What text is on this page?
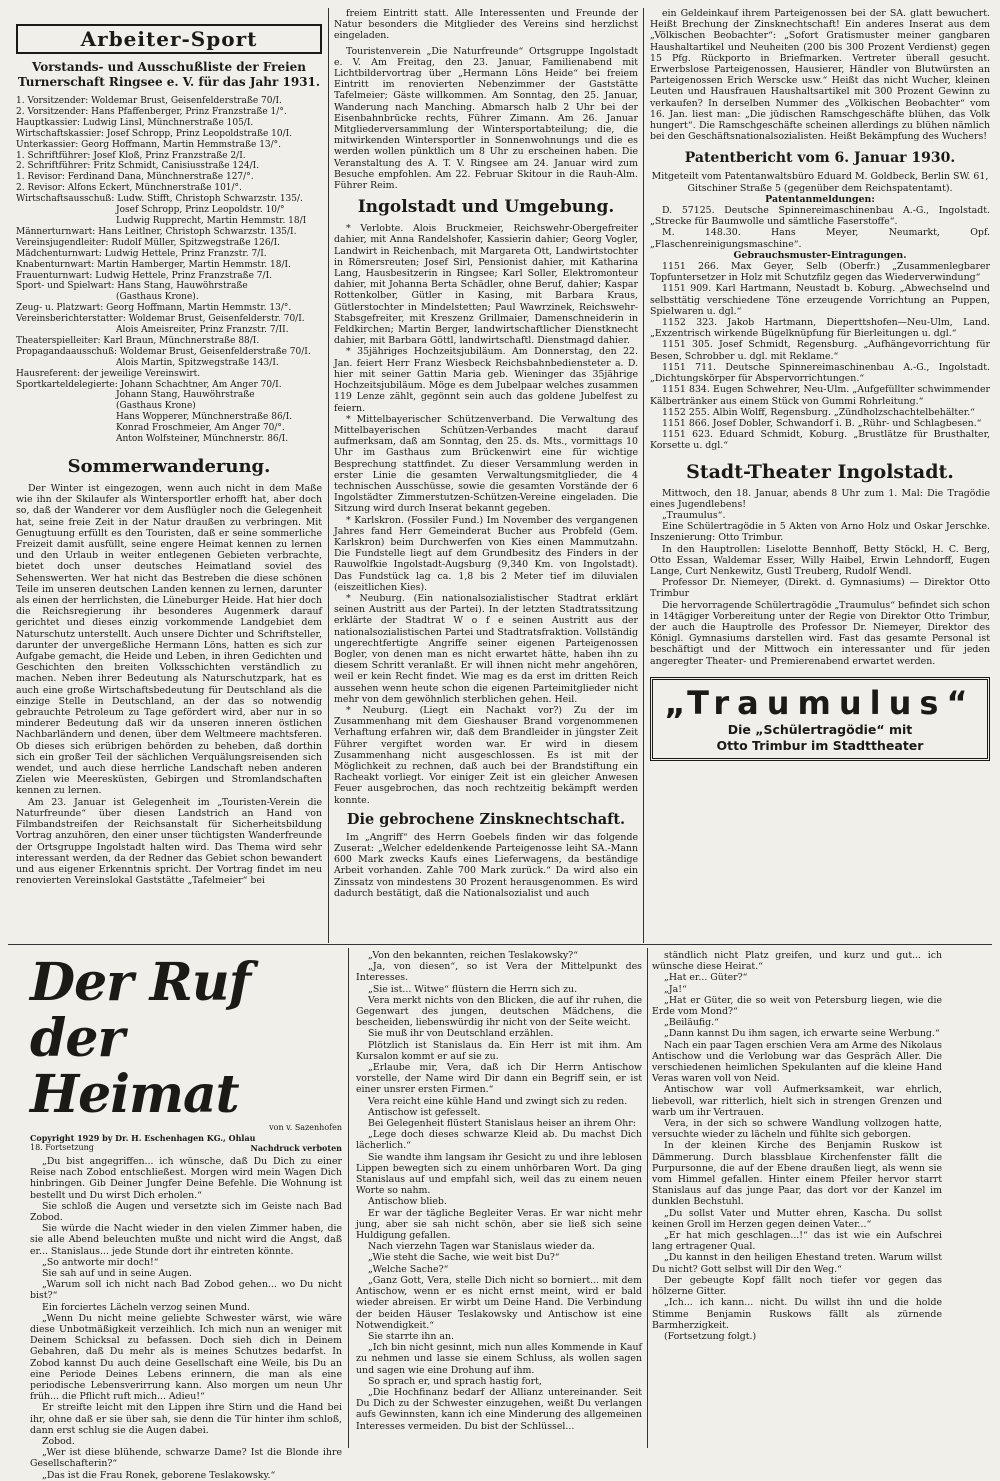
Arbeiter-Sport
Vorstands- und Ausschußliste der Freien Turnerschaft Ringsee e. V. für das Jahr 1931.
1. Vorsitzender: Woldemar Brust, Geisenfelderstraße 70/I.
2. Vorsitzender: Hans Pfaffenberger, Prinz Franzstraße 1/°.
Hauptkassier: Ludwig Linsl, Münchnerstraße 105/I.
Wirtschaftskassier: Josef Schropp, Prinz Leopoldstraße 10/I.
Unterkassier: Georg Hoffmann, Martin Hemmstraße 13/°.
1. Schriftführer: Josef Kloß, Prinz Franzstraße 2/I.
2. Schriftführer: Fritz Schmidt, Canisiusstraße 124/I.
1. Revisor: Ferdinand Dana, Münchnerstraße 127/°.
2. Revisor: Alfons Eckert, Münchnerstraße 101/°.
Wirtschaftsausschuß: Ludw. Stifft, Christoph Schwarzstr. 135/.
Josef Schropp, Prinz Leopoldstr. 10/°
Ludwig Rupprecht, Martin Hemmstr. 18/I
Männerturnwart: Hans Leitlner, Christoph Schwarzstr. 135/I.
Vereinsjugendleiter: Rudolf Müller, Spitzwegstraße 126/I.
Mädchenturnwart: Ludwig Hettele, Prinz Franzstr. 7/I.
Knabenturnwart: Martin Hamberger, Martin Hemmstr. 18/I.
Frauenturnwart: Ludwig Hettele, Prinz Franzstraße 7/I.
Sport- und Spielwart: Hans Stang, Hauwöhrstraße
(Gasthaus Krone).
Zeug- u. Platzwart: Georg Hoffmann, Martin Hemmstr. 13/°.
Vereinsberichterstatter: Woldemar Brust, Geisenfelderstr. 70/I.
Alois Ameisreiter, Prinz Franzstr. 7/II.
Theaterspielleiter: Karl Braun, Münchnerstraße 88/I.
Propagandaausschuß: Woldemar Brust, Geisenfelderstraße 70/I.
Alois Martin, Spitzwegstraße 143/I.
Hausreferent: der jeweilige Vereinswirt.
Sportkarteldelegierte: Johann Schachtner, Am Anger 70/I.
Johann Stang, Hauwöhrstraße
(Gasthaus Krone)
Hans Wopperer, Münchnerstraße 86/I.
Konrad Froschmeier, Am Anger 70/°.
Anton Wolfsteiner, Münchnerstr. 86/I.
Sommerwanderung.

Der Winter ist eingezogen, wenn auch nicht in dem Maße wie ihn der Skilaufer als Wintersportler erhofft hat, aber doch so, daß der Wanderer vor dem Ausflügler noch die Gelegenheit hat, seine freie Zeit in der Natur draußen zu verbringen. Mit Genugtuung erfüllt es den Touristen, daß er seine sommerliche Freizeit damit ausfüllt, seine engere Heimat kennen zu lernen und den Urlaub in weiter entlegenen Gebieten verbrachte, bietet doch unser deutsches Heimatland soviel des Sehenswerten. Wer hat nicht das Bestreben die diese schönen Teile im unseren deutschen Landen kennen zu lernen, darunter als einen der herrlichsten, die Lüneburger Heide. Hat hier doch die Reichsregierung ihr besonderes Augenmerk darauf gerichtet und dieses einzig vorkommende Landgebiet dem Naturschutz unterstellt. Auch unsere Dichter und Schriftsteller, darunter der unvergeßliche Hermann Löns, hatten es sich zur Aufgabe gemacht, die Heide und Leben, in ihren Gedichten und Geschichten den breiten Volksschichten verständlich zu machen. Neben ihrer Bedeutung als Naturschutzpark, hat es auch eine große Wirtschaftsbedeutung für Deutschland als die einzige Stelle in Deutschland, an der das so notwendig gebrauchte Petroleum zu Tage gefördert wird, aber nur in so minderer Bedeutung daß wir da unseren inneren östlichen Nachbarländern und denen, über dem Weltmeere machtsferen. Ob dieses sich erübrigen behörden zu beheben, daß dorthin sich ein großer Teil der sächlichen Verquälungsreisenden sich wendet, und auch diese herrliche Landschaft neben anderen Zielen wie Meeresküsten, Gebirgen und Stromlandschaften kennen zu lernen.

Am 23. Januar ist Gelegenheit im „Touristen-Verein die Naturfreunde“ über diesen Landstrich an Hand von Filmbandstreifen der Reichsanstalt für Sicherheitsbildung Vortrag anzuhören, den einer unser tüchtigsten Wanderfreunde der Ortsgruppe Ingolstadt halten wird. Das Thema wird sehr interessant werden, da der Redner das Gebiet schon bewandert und aus eigener Erkenntnis spricht. Der Vortrag findet im neu renovierten Vereinslokal Gaststätte „Tafelmeier“ bei

freiem Eintritt statt. Alle Interessenten und Freunde der Natur besonders die Mitglieder des Vereins sind herzlichst eingeladen.

Touristenverein „Die Naturfreunde“ Ortsgruppe Ingolstadt e. V. Am Freitag, den 23. Januar, Familienabend mit Lichtbildervortrag über „Hermann Löns Heide“ bei freiem Eintritt im renovierten Nebenzimmer der Gaststätte Tafelmeier; Gäste willkommen. Am Sonntag, den 25. Januar, Wanderung nach Manching. Abmarsch halb 2 Uhr bei der Eisenbahnbrücke rechts, Führer Zimann. Am 26. Januar Mitgliederversammlung der Wintersportabteilung; die, die mitwirkenden Wintersportler in Sonnenwohnungs und die es werden wollen pünktlich um 8 Uhr zu erscheinen haben. Die Veranstaltung des A. T. V. Ringsee am 24. Januar wird zum Besuche empfohlen. Am 22. Februar Skitour in die Rauh-Alm. Führer Reim.

Ingolstadt und Umgebung.

* Verlobte. Alois Bruckmeier, Reichswehr-Obergefreiter dahier, mit Anna Randelshofer, Kassierin dahier; Georg Vogler, Landwirt in Reichenbach, mit Margareta Ott, Landwirtstochter in Römersreuten; Josef Sirl, Pensionist dahier, mit Katharina Lang, Hausbesitzerin in Ringsee; Karl Soller, Elektromonteur dahier, mit Johanna Berta Schädler, ohne Beruf, dahier; Kaspar Rottenkolber, Gütler in Kasing, mit Barbara Kraus, Gütlerstochter in Mindelstetten; Paul Wawrzinek, Reichswehr-Stabsgefreiter, mit Kreszenz Grillmaier, Damenschneiderin in Feldkirchen; Martin Berger, landwirtschaftlicher Dienstknecht dahier, mit Barbara Göttl, landwirtschaftl. Dienstmagd dahier.

* 35jähriges Hochzeitsjubiläum. Am Donnerstag, den 22. Jan. feiert Herr Franz Wiesbeck Reichsbahnbediensteter a. D. hier mit seiner Gattin Maria geb. Wieninger das 35jährige Hochzeitsjubiläum. Möge es dem Jubelpaar welches zusammen 119 Lenze zählt, gegönnt sein auch das goldene Jubelfest zu feiern.

* Mittelbayerischer Schützenverband. Die Verwaltung des Mittelbayerischen Schützen-Verbandes macht darauf aufmerksam, daß am Sonntag, den 25. ds. Mts., vormittags 10 Uhr im Gasthaus zum Brückenwirt eine für wichtige Besprechung stattfindet. Zu dieser Versammlung werden in erster Linie die gesamten Verwaltungsmitglieder, die 4 technischen Ausschüsse, sowie die gesamten Vorstände der 6 Ingolstädter Zimmerstutzen-Schützen-Vereine eingeladen. Die Sitzung wird durch Inserat bekannt gegeben.

* Karlskron. (Fossiler Fund.) Im November des vergangenen Jahres fand Herr Gemeinderat Bucher aus Probfeld (Gem. Karlskron) beim Durchwerfen von Kies einen Mammutzahn. Die Fundstelle liegt auf dem Grundbesitz des Finders in der Rauwolfkie Ingolstadt-Augsburg (9,340 Km. von Ingolstadt). Das Fundstück lag ca. 1,8 bis 2 Meter tief im diluvialen (eiszeitlichen Kies).

* Neuburg. (Ein nationalsozialistischer Stadtrat erklärt seinen Austritt aus der Partei). In der letzten Stadtratssitzung erklärte der Stadtrat W o f e seinen Austritt aus der nationalsozialistischen Partei und Stadtratsfraktion. Vollständig ungerechtfertigte Angriffe seiner eigenen Parteigenossen Bogler, von denen man es nicht erwartet hätte, haben ihn zu diesem Schritt veranlaßt. Er will ihnen nicht mehr angehören, weil er kein Recht findet. Wie mag es da erst im dritten Reich aussehen wenn heute schon die eigenen Parteimitglieder nicht mehr von dem gewöhnlich sterblichen gehen. Heil.

* Neuburg. (Liegt ein Nachakt vor?) Zu der im Zusammenhang mit dem Gieshauser Brand vorgenommenen Verhaftung erfahren wir, daß dem Brandleider in jüngster Zeit Führer vergiftet worden war. Er wird in diesem Zusammenhang nicht ausgeschlossen. Es ist mit der Möglichkeit zu rechnen, daß auch bei der Brandstiftung ein Racheakt vorliegt. Vor einiger Zeit ist ein gleicher Anwesen Feuer ausgebrochen, das noch rechtzeitig bekämpft werden konnte.

Die gebrochene Zinsknechtschaft.

Im „Angriff“ des Herrn Goebels finden wir das folgende Zuserat: „Welcher edeldenkende Parteigenosse leiht SA.-Mann 600 Mark zwecks Kaufs eines Lieferwagens, da beständige Arbeit vorhanden. Zahle 700 Mark zurück.“ Da wird also ein Zinssatz von mindestens 30 Prozent herausgenommen. Es wird dadurch bestätigt, daß die Nationalsozialist und auch

ein Geldeinkauf ihrem Parteigenossen bei der SA. glatt bewuchert. Heißt Brechung der Zinsknechtschaft! Ein anderes Inserat aus dem „Völkischen Beobachter“: „Sofort Gratismuster meiner gangbaren Haushaltartikel und Neuheiten (200 bis 300 Prozent Verdienst) gegen 15 Pfg. Rückporto in Briefmarken. Vertreter überall gesucht. Erwerbslose Parteigenossen, Hausierer, Händler von Blutwürsten an Parteigenossen Erich Werscke usw.“ Heißt das nicht Wucher, kleinen Leuten und Hausfrauen Haushaltsartikel mit 300 Prozent Gewinn zu verkaufen? In derselben Nummer des „Völkischen Beobachter“ vom 16. Jan. liest man: „Die jüdischen Ramschgeschäfte blühen, das Volk hungert“. Die Ramschgeschäfte scheinen allerdings zu blühen nämlich bei den Geschäftsnationalsozialisten. Heißt Bekämpfung des Wuchers!

Patentbericht vom 6. Januar 1930.

Mitgeteilt vom Patentanwaltsbüro Eduard M. Goldbeck, Berlin SW. 61, Gitschiner Straße 5 (gegenüber dem Reichspatentamt).

Patentanmeldungen:

D. 57125. Deutsche Spinnereimaschinenbau A.-G., Ingolstadt. „Strecke für Baumwolle und sämtliche Faserstoffe“.

M. 148.30. Hans Meyer, Neumarkt, Opf. „Flaschenreinigungsmaschine“.

Gebrauchsmuster-Eintragungen.

1151 266. Max Geyer, Selb (Oberfr.) „Zusammenlegbarer Topfuntersetzer in Holz mit Schutzfilz gegen das Wiederverwindung“

1151 909. Karl Hartmann, Neustadt b. Koburg. „Abwechselnd und selbsttätig verschiedene Töne erzeugende Vorrichtung an Puppen, Spielwaren u. dgl.“

1152 323. Jakob Hartmann, Dieperttshofen—Neu-Ulm, Land. „Exzentrisch wirkende Bügelknüpfung für Bierleitungen u. dgl.“

1151 305. Josef Schmidt, Regensburg. „Aufhängevorrichtung für Besen, Schrobber u. dgl. mit Reklame.“

1151 711. Deutsche Spinnereimaschinenbau A.-G., Ingolstadt. „Dichtungskörper für Abspervorrichtungen.“

1151 834. Eugen Schwehrer, Neu-Ulm. „Aufgefüllter schwimmender Kälbertränker aus einem Stück von Gummi Rohrleitung.“

1152 255. Albin Wolff, Regensburg. „Zündholzschachtelbehälter.“

1151 866. Josef Dobler, Schwandorf i. B. „Rühr- und Schlagbesen.“

1151 623. Eduard Schmidt, Koburg. „Brustlätze für Brusthalter, Korsette u. dgl.“

Stadt-Theater Ingolstadt.

Mittwoch, den 18. Januar, abends 8 Uhr zum 1. Mal: Die Tragödie eines Jugendlebens!

„Traumulus“.

Eine Schülertragödie in 5 Akten von Arno Holz und Oskar Jerschke. Inszenierung: Otto Trimbur.

In den Hauptrollen: Liselotte Bennhoff, Betty Stöckl, H. C. Berg, Otto Essan, Waldemar Esser, Willy Haibel, Erwin Lehndorff, Eugen Lange, Curt Nenkewitz, Gustl Treuberg, Rudolf Wendl.

Professor Dr. Niemeyer, (Direkt. d. Gymnasiums) — Direktor Otto Trimbur

Die hervorragende Schülertragödie „Traumulus“ befindet sich schon in 14tägiger Vorbereitung unter der Regie von Direktor Otto Trimbur, der auch die Hauptrolle des Professor Dr. Niemeyer, Direktor des Königl. Gymnasiums darstellen wird. Fast das gesamte Personal ist beschäftigt und der Mittwoch ein interessanter und für jeden angeregter Theater- und Premierenabend erwartet werden.

„Traumulus“
Die „Schülertragödie“ mit
Otto Trimbur im Stadttheater
Der Ruf der Heimat
von v. Sazenhofen
Copyright 1929 by Dr. H. Eschenhagen KG., Ohlau
18. Fortsetzung	Nachdruck verboten

„Du bist angegriffen... ich wünsche, daß Du Dich zu einer Reise nach Zobod entschließest. Morgen wird mein Wagen Dich hinbringen. Gib Deiner Jungfer Deine Befehle. Die Wohnung ist bestellt und Du wirst Dich erholen.“

Sie schloß die Augen und versetzte sich im Geiste nach Bad Zobod.

Sie würde die Nacht wieder in den vielen Zimmer haben, die sie alle Abend beleuchten mußte und nicht wird die Angst, daß er... Stanislaus... jede Stunde dort ihr eintreten könnte.

„So antworte mir doch!“

Sie sah auf und in seine Augen.

„Warum soll ich nicht nach Bad Zobod gehen... wo Du nicht bist?“

Ein forciertes Lächeln verzog seinen Mund.

„Wenn Du nicht meine geliebte Schwester wärst, wie wäre diese Unbotmäßigkeit verzeihlich. Ich mich nun an weniger mit Deinem Schicksal zu befassen. Doch sieh dich in Deinem Gebahren, daß Du mehr als is meines Schutzes bedarfst. In Zobod kannst Du auch deine Gesellschaft eine Weile, bis Du an eine Periode Deines Lebens erinnern, die man als eine periodische Lebensverirrung kann. Also morgen um neun Uhr früh... die Pflicht ruft mich... Adieu!“

Er streifte leicht mit den Lippen ihre Stirn und die Hand bei ihr, ohne daß er sie über sah, sie denn die Tür hinter ihm schloß, dann erst schlug sie die Augen dabei.

Zobod.

„Wer ist diese blühende, schwarze Dame? Ist die Blonde ihre Gesellschafterin?“

„Das ist die Frau Ronek, geborene Teslakowsky.“

„Von den bekannten, reichen Teslakowsky?“

„Ja, von diesen“, so ist Vera der Mittelpunkt des Interesses.

„Sie ist... Witwe“ flüstern die Herrn sich zu.

Vera merkt nichts von den Blicken, die auf ihr ruhen, die Gegenwart des jungen, deutschen Mädchens, die bescheiden, liebenswürdig ihr nicht von der Seite weicht.

Sie muß ihr von Deutschland erzählen.

Plötzlich ist Stanislaus da. Ein Herr ist mit ihm. Am Kursalon kommt er auf sie zu.

„Erlaube mir, Vera, daß ich Dir Herrn Antischow vorstelle, der Name wird Dir dann ein Begriff sein, er ist einer unsrer ersten Firmen.“

Vera reicht eine kühle Hand und zwingt sich zu reden.

Antischow ist gefesselt.

Bei Gelegenheit flüstert Stanislaus heiser an ihrem Ohr:

„Lege doch dieses schwarze Kleid ab. Du machst Dich lächerlich.“

Sie wandte ihm langsam ihr Gesicht zu und ihre leblosen Lippen bewegten sich zu einem unhörbaren Wort. Da ging Stanislaus auf und empfahl sich, weil das zu einem neuen Worte so nahm.

Antischow blieb.

Er war der tägliche Begleiter Veras. Er war nicht mehr jung, aber sie sah nicht schön, aber sie ließ sich seine Huldigung gefallen.

Nach vierzehn Tagen war Stanislaus wieder da.

„Wie steht die Sache, wie weit bist Du?“

„Welche Sache?“

„Ganz Gott, Vera, stelle Dich nicht so borniert... mit dem Antischow, wenn er es nicht ernst meint, wird er bald wieder abreisen. Er wirbt um Deine Hand. Die Verbindung der beiden Häuser Teslakowsky und Antischow ist eine Notwendigkeit.“

Sie starrte ihn an.

„Ich bin nicht gesinnt, mich nun alles Kommende in Kauf zu nehmen und lasse sie einem Schluss, als wollen sagen und sagen wie eine Drohung auf ihm.

So sprach er, und sprach hastig fort,

„Die Hochfinanz bedarf der Allianz untereinander. Seit Du Dich zu der Schwester einzugehen, weißt Du verlangen aufs Gewinnsten, kann ich eine Minderung des allgemeinen Interesses vermeiden. Du bist der Schlüssel...

ständlich nicht Platz greifen, und kurz und gut... ich wünsche diese Heirat.“

„Hat er... Güter?“

„Ja!“

„Hat er Güter, die so weit von Petersburg liegen, wie die Erde vom Mond?“

„Beiläufig.“

„Dann kannst Du ihm sagen, ich erwarte seine Werbung.“

Nach ein paar Tagen erschien Vera am Arme des Nikolaus Antischow und die Verlobung war das Gespräch Aller. Die verschiedenen heimlichen Spekulanten auf die kleine Hand Veras waren voll von Neid.

Antischow war voll Aufmerksamkeit, war ehrlich, liebevoll, war ritterlich, hielt sich in strengen Grenzen und warb um ihr Vertrauen.

Vera, in der sich so schwere Wandlung vollzogen hatte, versuchte wieder zu lächeln und fühlte sich geborgen.

In der kleinen Kirche des Benjamin Ruskow ist Dämmerung. Durch blassblaue Kirchenfenster fällt die Purpursonne, die auf der Ebene draußen liegt, als wenn sie vom Himmel gefallen. Hinter einem Pfeiler hervor starrt Stanislaus auf das junge Paar, das dort vor der Kanzel im dunklen Bechstuhl.

„Du sollst Vater und Mutter ehren, Kascha. Du sollst keinen Groll im Herzen gegen deinen Vater...“

„Er hat mich geschlagen...!“ das ist wie ein Aufschrei lang ertragener Qual.

„Du kannst in den heiligen Ehestand treten. Warum willst Du nicht? Gott selbst will Dir den Weg.“

Der gebeugte Kopf fällt noch tiefer vor gegen das hölzerne Gitter.

„Ich... ich kann... nicht. Du willst ihn und die holde Stimme Benjamin Ruskows fällt als zürnende Barmherzigkeit.

(Fortsetzung folgt.)
